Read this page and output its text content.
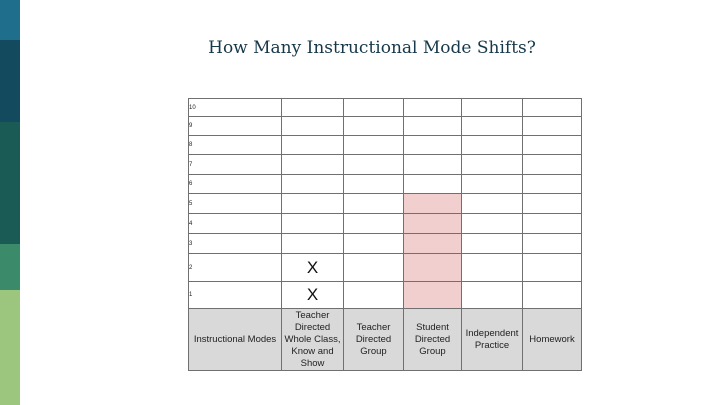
How Many Instructional Mode Shifts?
10					
9					
8					
7					
6					
5					
4					
3					
2	X				
1	X				
Instructional Modes	Teacher Directed Whole Class, Know and Show	Teacher Directed Group	Student Directed Group	Independent Practice	Homework
